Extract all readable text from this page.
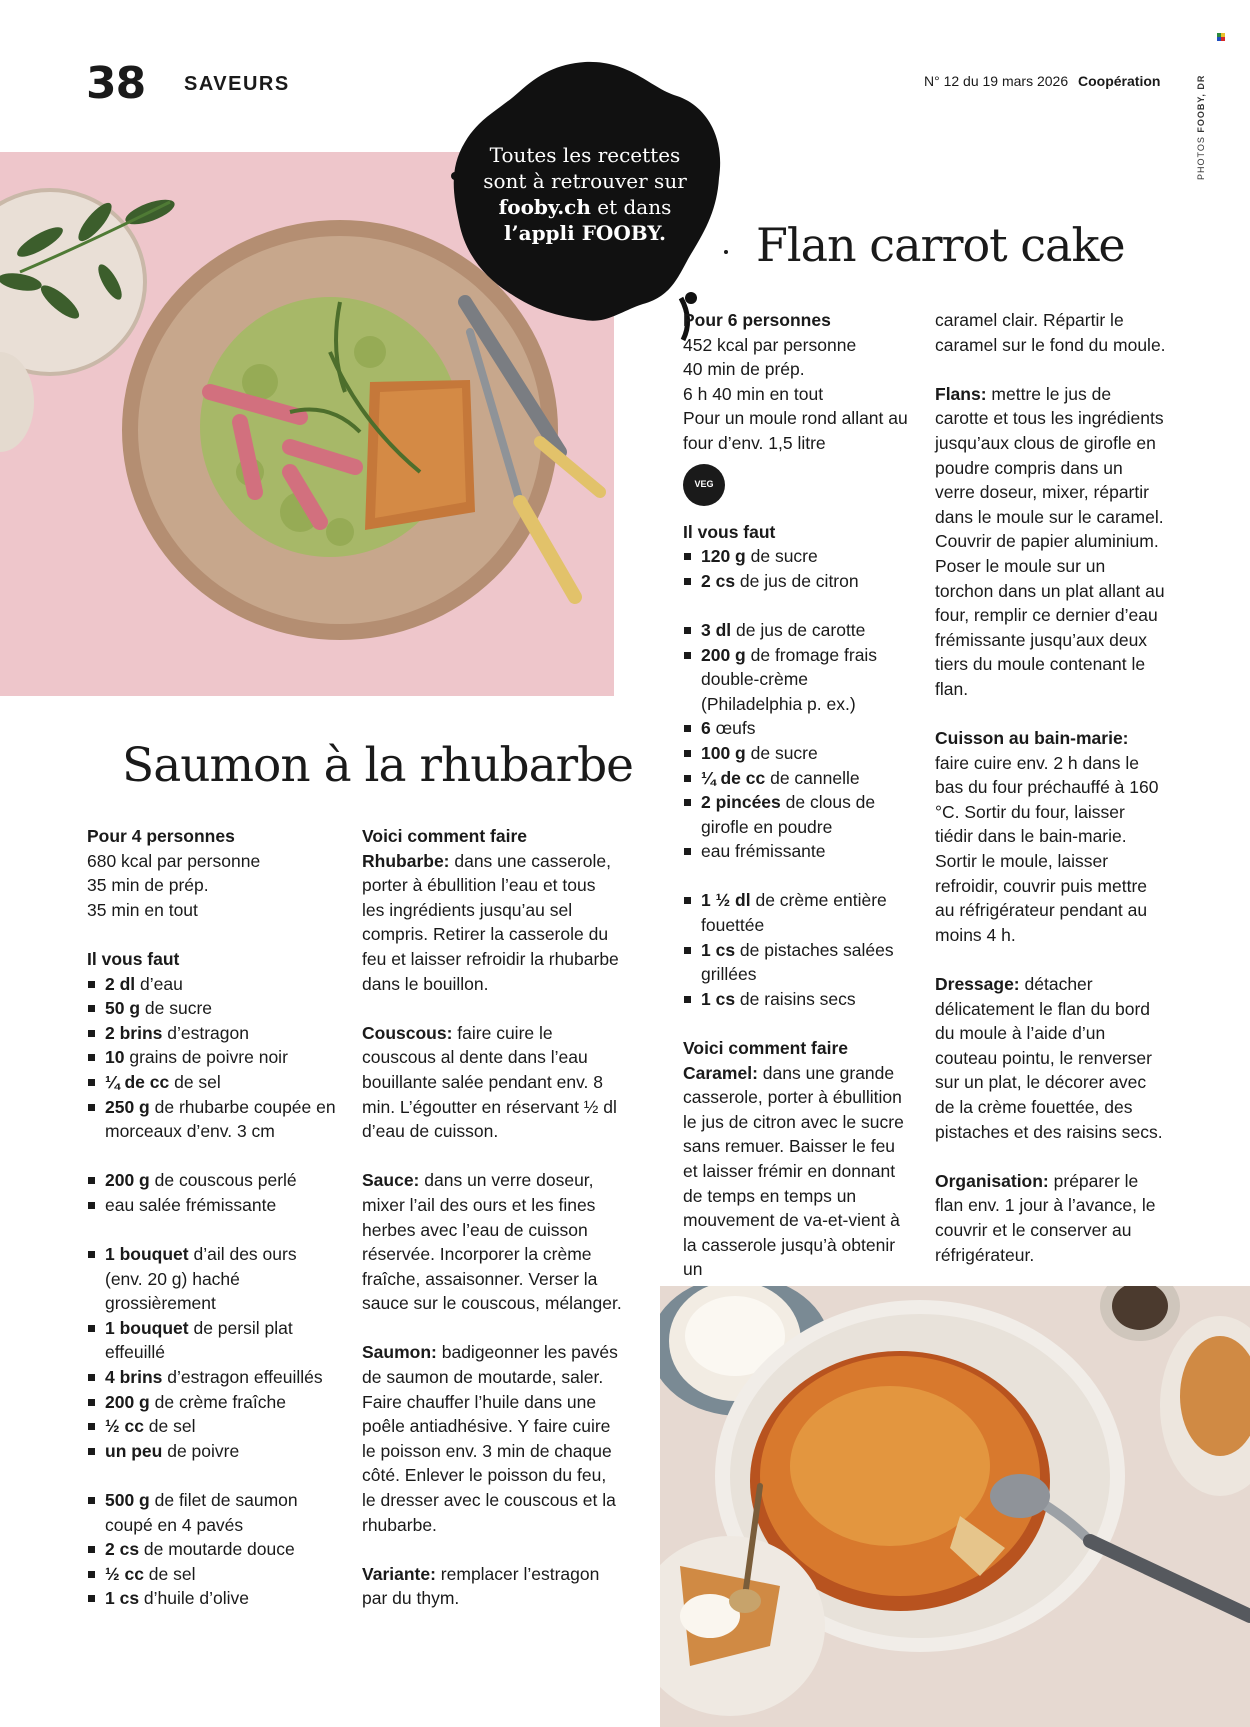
38 SAVEURS	N° 12 du 19 mars 2026 Coopération
PHOTOS FOOBY, DR
Toutes les recettes
sont à retrouver sur
fooby.ch et dans
l’appli FOOBY.	Flan carrot cake
Saumon à la rhubarbe
Pour 4 personnes
680 kcal par personne
35 min de prép.
35 min en tout
Il vous faut
2 dl d’eau
50 g de sucre
2 brins d’estragon
10 grains de poivre noir
¼ de cc de sel
250 g de rhubarbe coupée en morceaux d’env. 3 cm
200 g de couscous perlé
eau salée frémissante
1 bouquet d’ail des ours (env. 20 g) haché grossièrement
1 bouquet de persil plat effeuillé
4 brins d’estragon effeuillés
200 g de crème fraîche
½ cc de sel
un peu de poivre
500 g de filet de saumon coupé en 4 pavés
2 cs de moutarde douce
½ cc de sel
1 cs d’huile d’olive
Voici comment faire
Rhubarbe: dans une casserole, porter à ébullition l’eau et tous les ingrédients jusqu’au sel compris. Retirer la casserole du feu et laisser refroidir la rhubarbe dans le bouillon.
Couscous: faire cuire le couscous al dente dans l’eau bouillante salée pendant env. 8 min. L’égoutter en réservant ½ dl d’eau de cuisson.
Sauce: dans un verre doseur, mixer l’ail des ours et les fines herbes avec l’eau de cuisson réservée. Incorporer la crème fraîche, assaisonner. Verser la sauce sur le couscous, mélanger.
Saumon: badigeonner les pavés de saumon de moutarde, saler. Faire chauffer l’huile dans une poêle antiadhésive. Y faire cuire le poisson env. 3 min de chaque côté. Enlever le poisson du feu, le dresser avec le couscous et la rhubarbe.
Variante: remplacer l’estragon par du thym.
Pour 6 personnes
452 kcal par personne
40 min de prép.
6 h 40 min en tout
Pour un moule rond allant au four d’env. 1,5 litre
VEG
Il vous faut
120 g de sucre
2 cs de jus de citron
3 dl de jus de carotte
200 g de fromage frais double-crème (Philadelphia p. ex.)
6 œufs
100 g de sucre
¼ de cc de cannelle
2 pincées de clous de girofle en poudre
eau frémissante
1 ½ dl de crème entière fouettée
1 cs de pistaches salées grillées
1 cs de raisins secs
Voici comment faire
Caramel: dans une grande casserole, porter à ébullition le jus de citron avec le sucre sans remuer. Baisser le feu et laisser frémir en donnant de temps en temps un mouvement de va-et-vient à la casserole jusqu’à obtenir un
caramel clair. Répartir le caramel sur le fond du moule.
Flans: mettre le jus de carotte et tous les ingrédients jusqu’aux clous de girofle en poudre compris dans un verre doseur, mixer, répartir dans le moule sur le caramel. Couvrir de papier aluminium. Poser le moule sur un torchon dans un plat allant au four, remplir ce dernier d’eau frémissante jusqu’aux deux tiers du moule contenant le flan.
Cuisson au bain-marie: faire cuire env. 2 h dans le bas du four préchauffé à 160 °C. Sortir du four, laisser tiédir dans le bain-marie. Sortir le moule, laisser refroidir, couvrir puis mettre au réfrigérateur pendant au moins 4 h.
Dressage: détacher délicatement le flan du bord du moule à l’aide d’un couteau pointu, le renverser sur un plat, le décorer avec de la crème fouettée, des pistaches et des raisins secs.
Organisation: préparer le flan env. 1 jour à l’avance, le couvrir et le conserver au réfrigérateur.
